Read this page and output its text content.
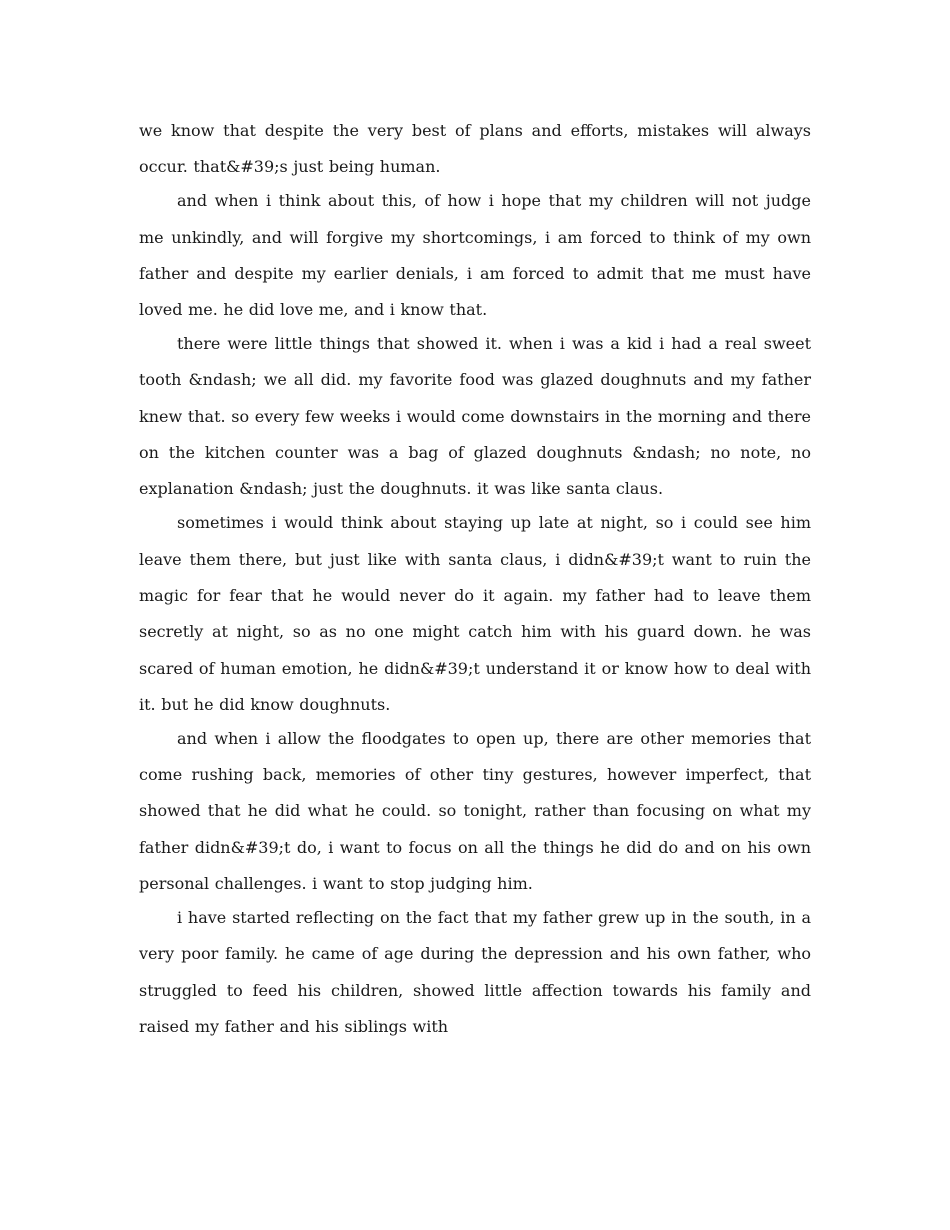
we know that despite the very best of plans and efforts, mistakes will always occur. that&#39;s just being human.

and when i think about this, of how i hope that my children will not judge me unkindly, and will forgive my shortcomings, i am forced to think of my own father and despite my earlier denials, i am forced to admit that me must have loved me. he did love me, and i know that.

there were little things that showed it. when i was a kid i had a real sweet tooth &ndash; we all did. my favorite food was glazed doughnuts and my father knew that. so every few weeks i would come downstairs in the morning and there on the kitchen counter was a bag of glazed doughnuts &ndash; no note, no explanation &ndash; just the doughnuts. it was like santa claus.

sometimes i would think about staying up late at night, so i could see him leave them there, but just like with santa claus, i didn&#39;t want to ruin the magic for fear that he would never do it again. my father had to leave them secretly at night, so as no one might catch him with his guard down. he was scared of human emotion, he didn&#39;t understand it or know how to deal with it. but he did know doughnuts.

and when i allow the floodgates to open up, there are other memories that come rushing back, memories of other tiny gestures, however imperfect, that showed that he did what he could. so tonight, rather than focusing on what my father didn&#39;t do, i want to focus on all the things he did do and on his own personal challenges. i want to stop judging him.

i have started reflecting on the fact that my father grew up in the south, in a very poor family. he came of age during the depression and his own father, who struggled to feed his children, showed little affection towards his family and raised my father and his siblings with
